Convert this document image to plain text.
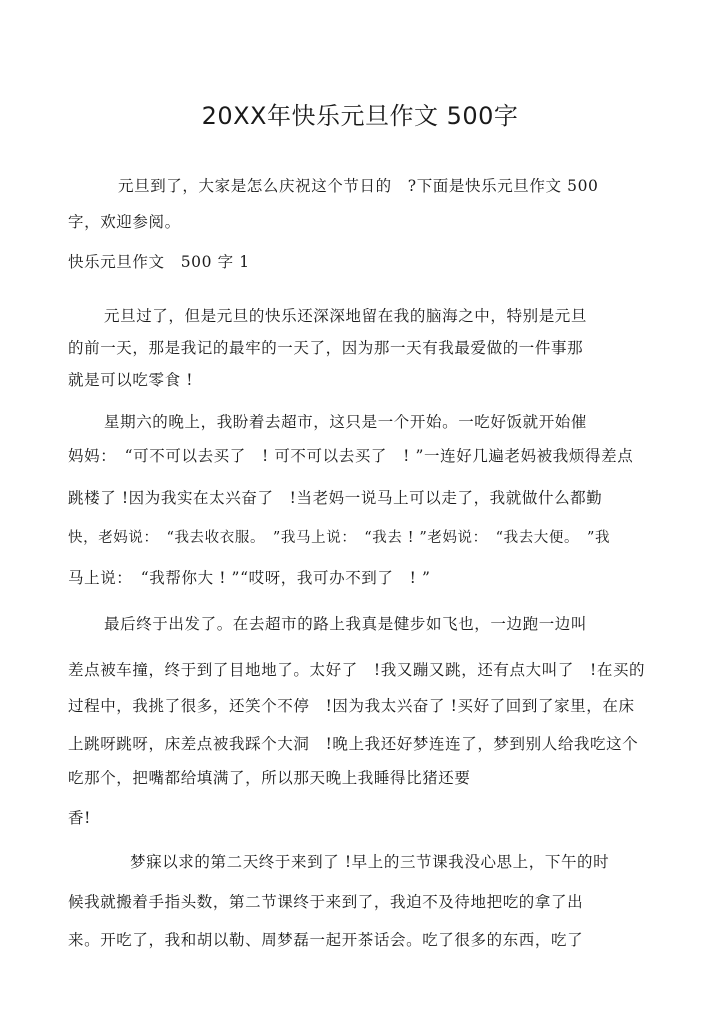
20XX年快乐元旦作文 500字
元旦到了，大家是怎么庆祝这个节日的　?下面是快乐元旦作文 500
字，欢迎参阅。
快乐元旦作文　500 字 1
元旦过了，但是元旦的快乐还深深地留在我的脑海之中，特别是元旦
的前一天，那是我记的最牢的一天了，因为那一天有我最爱做的一件事那
就是可以吃零食 !
星期六的晚上，我盼着去超市，这只是一个开始。一吃好饭就开始催
妈妈：　“可不可以去买了　! 可不可以去买了　! ”一连好几遍老妈被我烦得差点
跳楼了 !因为我实在太兴奋了　!当老妈一说马上可以走了，我就做什么都勤
快，老妈说：　“我去收衣服。　”我马上说：　“我去 ! ”老妈说：　“我去大便。　”我
马上说：　“我帮你大 ! ”“哎呀，我可办不到了　! ”
最后终于出发了。在去超市的路上我真是健步如飞也，一边跑一边叫
差点被车撞，终于到了目地地了。太好了　!我又蹦又跳，还有点大叫了　!在买的
过程中，我挑了很多，还笑个不停　!因为我太兴奋了 !买好了回到了家里，在床
上跳呀跳呀，床差点被我踩个大洞　!晚上我还好梦连连了，梦到别人给我吃这个
吃那个，把嘴都给填满了，所以那天晚上我睡得比猪还要
香!
梦寐以求的第二天终于来到了 !早上的三节课我没心思上，下午的时
候我就搬着手指头数，第二节课终于来到了，我迫不及待地把吃的拿了出
来。开吃了，我和胡以勒、周梦磊一起开茶话会。吃了很多的东西，吃了
